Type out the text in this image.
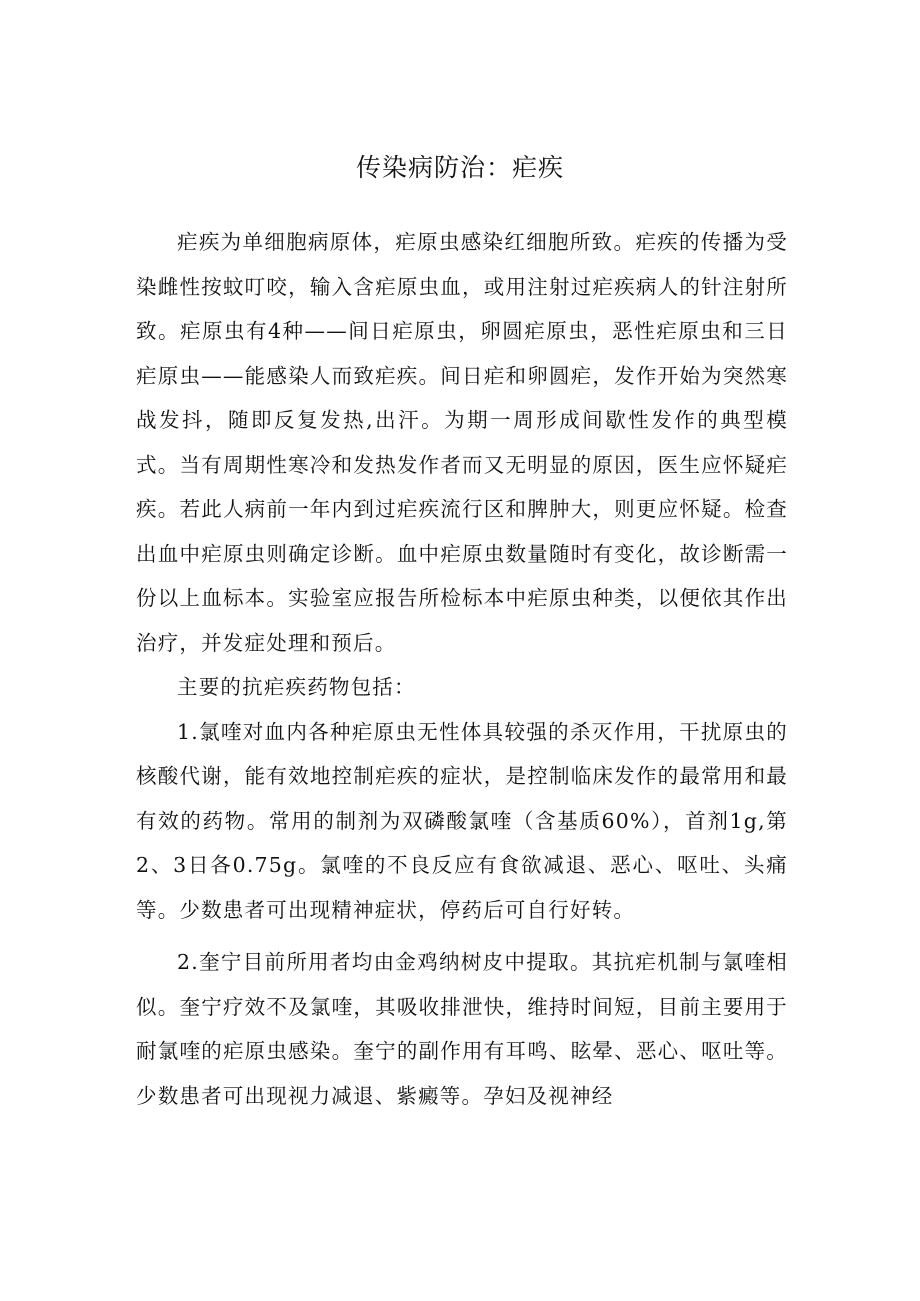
传染病防治：疟疾

疟疾为单细胞病原体，疟原虫感染红细胞所致。疟疾的传播为受染雌性按蚊叮咬，输入含疟原虫血，或用注射过疟疾病人的针注射所致。疟原虫有4种——间日疟原虫，卵圆疟原虫，恶性疟原虫和三日疟原虫——能感染人而致疟疾。间日疟和卵圆疟，发作开始为突然寒战发抖，随即反复发热,出汗。为期一周形成间歇性发作的典型模式。当有周期性寒冷和发热发作者而又无明显的原因，医生应怀疑疟疾。若此人病前一年内到过疟疾流行区和脾肿大，则更应怀疑。检查出血中疟原虫则确定诊断。血中疟原虫数量随时有变化，故诊断需一份以上血标本。实验室应报告所检标本中疟原虫种类，以便依其作出治疗，并发症处理和预后。

主要的抗疟疾药物包括：

1.氯喹对血内各种疟原虫无性体具较强的杀灭作用，干扰原虫的核酸代谢，能有效地控制疟疾的症状，是控制临床发作的最常用和最有效的药物。常用的制剂为双磷酸氯喹（含基质60%），首剂1g,第2、3日各0.75g。氯喹的不良反应有食欲减退、恶心、呕吐、头痛等。少数患者可出现精神症状，停药后可自行好转。

2.奎宁目前所用者均由金鸡纳树皮中提取。其抗疟机制与氯喹相似。奎宁疗效不及氯喹，其吸收排泄快，维持时间短，目前主要用于耐氯喹的疟原虫感染。奎宁的副作用有耳鸣、眩晕、恶心、呕吐等。少数患者可出现视力减退、紫癜等。孕妇及视神经
